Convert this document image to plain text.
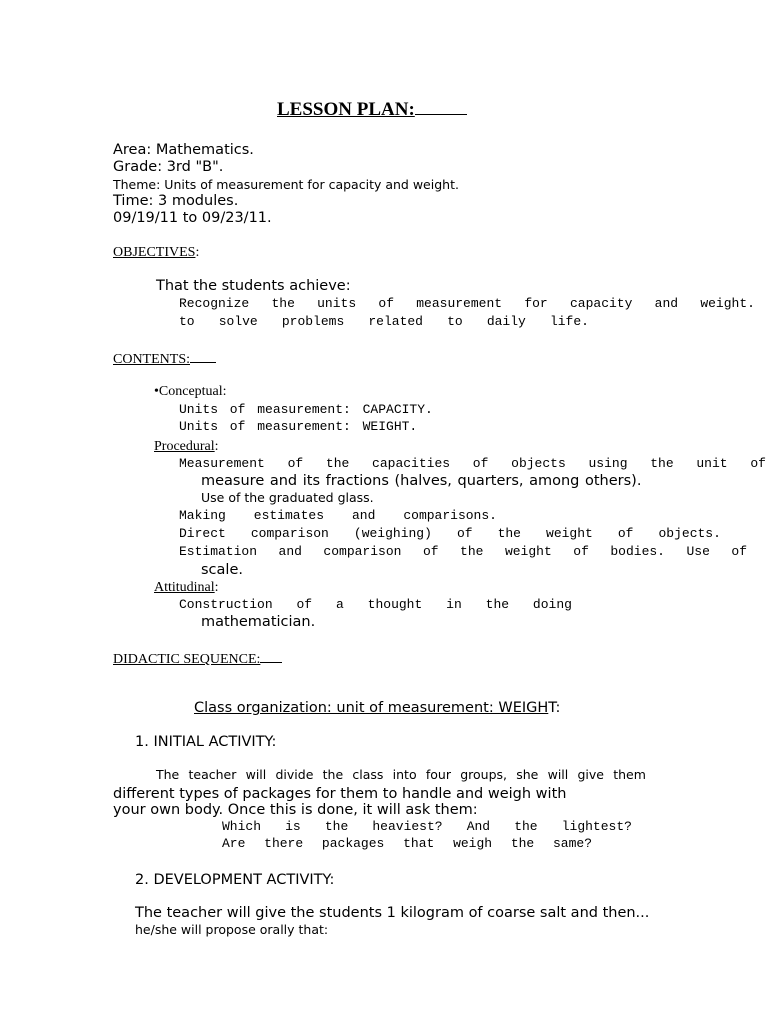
LESSON PLAN:
Area: Mathematics.
Grade: 3rd "B".
Theme: Units of measurement for capacity and weight.
Time: 3 modules.
09/19/11 to 09/23/11.
OBJECTIVES:
That the students achieve:
Recognize the units of measurement for capacity and weight.
to solve problems related to daily life.
CONTENTS:
•Conceptual:
Units of measurement: CAPACITY.
Units of measurement: WEIGHT.
Procedural:
Measurement of the capacities of objects using the unit of
measure and its fractions (halves, quarters, among others).
Use of the graduated glass.
Making estimates and comparisons.
Direct comparison (weighing) of the weight of objects.
Estimation and comparison of the weight of bodies. Use of
scale.
Attitudinal:
Construction of a thought in the doing
mathematician.
DIDACTIC SEQUENCE:
Class organization: unit of measurement: WEIGHT:
1. INITIAL ACTIVITY:
The teacher will divide the class into four groups, she will give them
different types of packages for them to handle and weigh with
your own body. Once this is done, it will ask them:
Which is the heaviest? And the lightest?
Are there packages that weigh the same?
2. DEVELOPMENT ACTIVITY:
The teacher will give the students 1 kilogram of coarse salt and then...
he/she will propose orally that:
